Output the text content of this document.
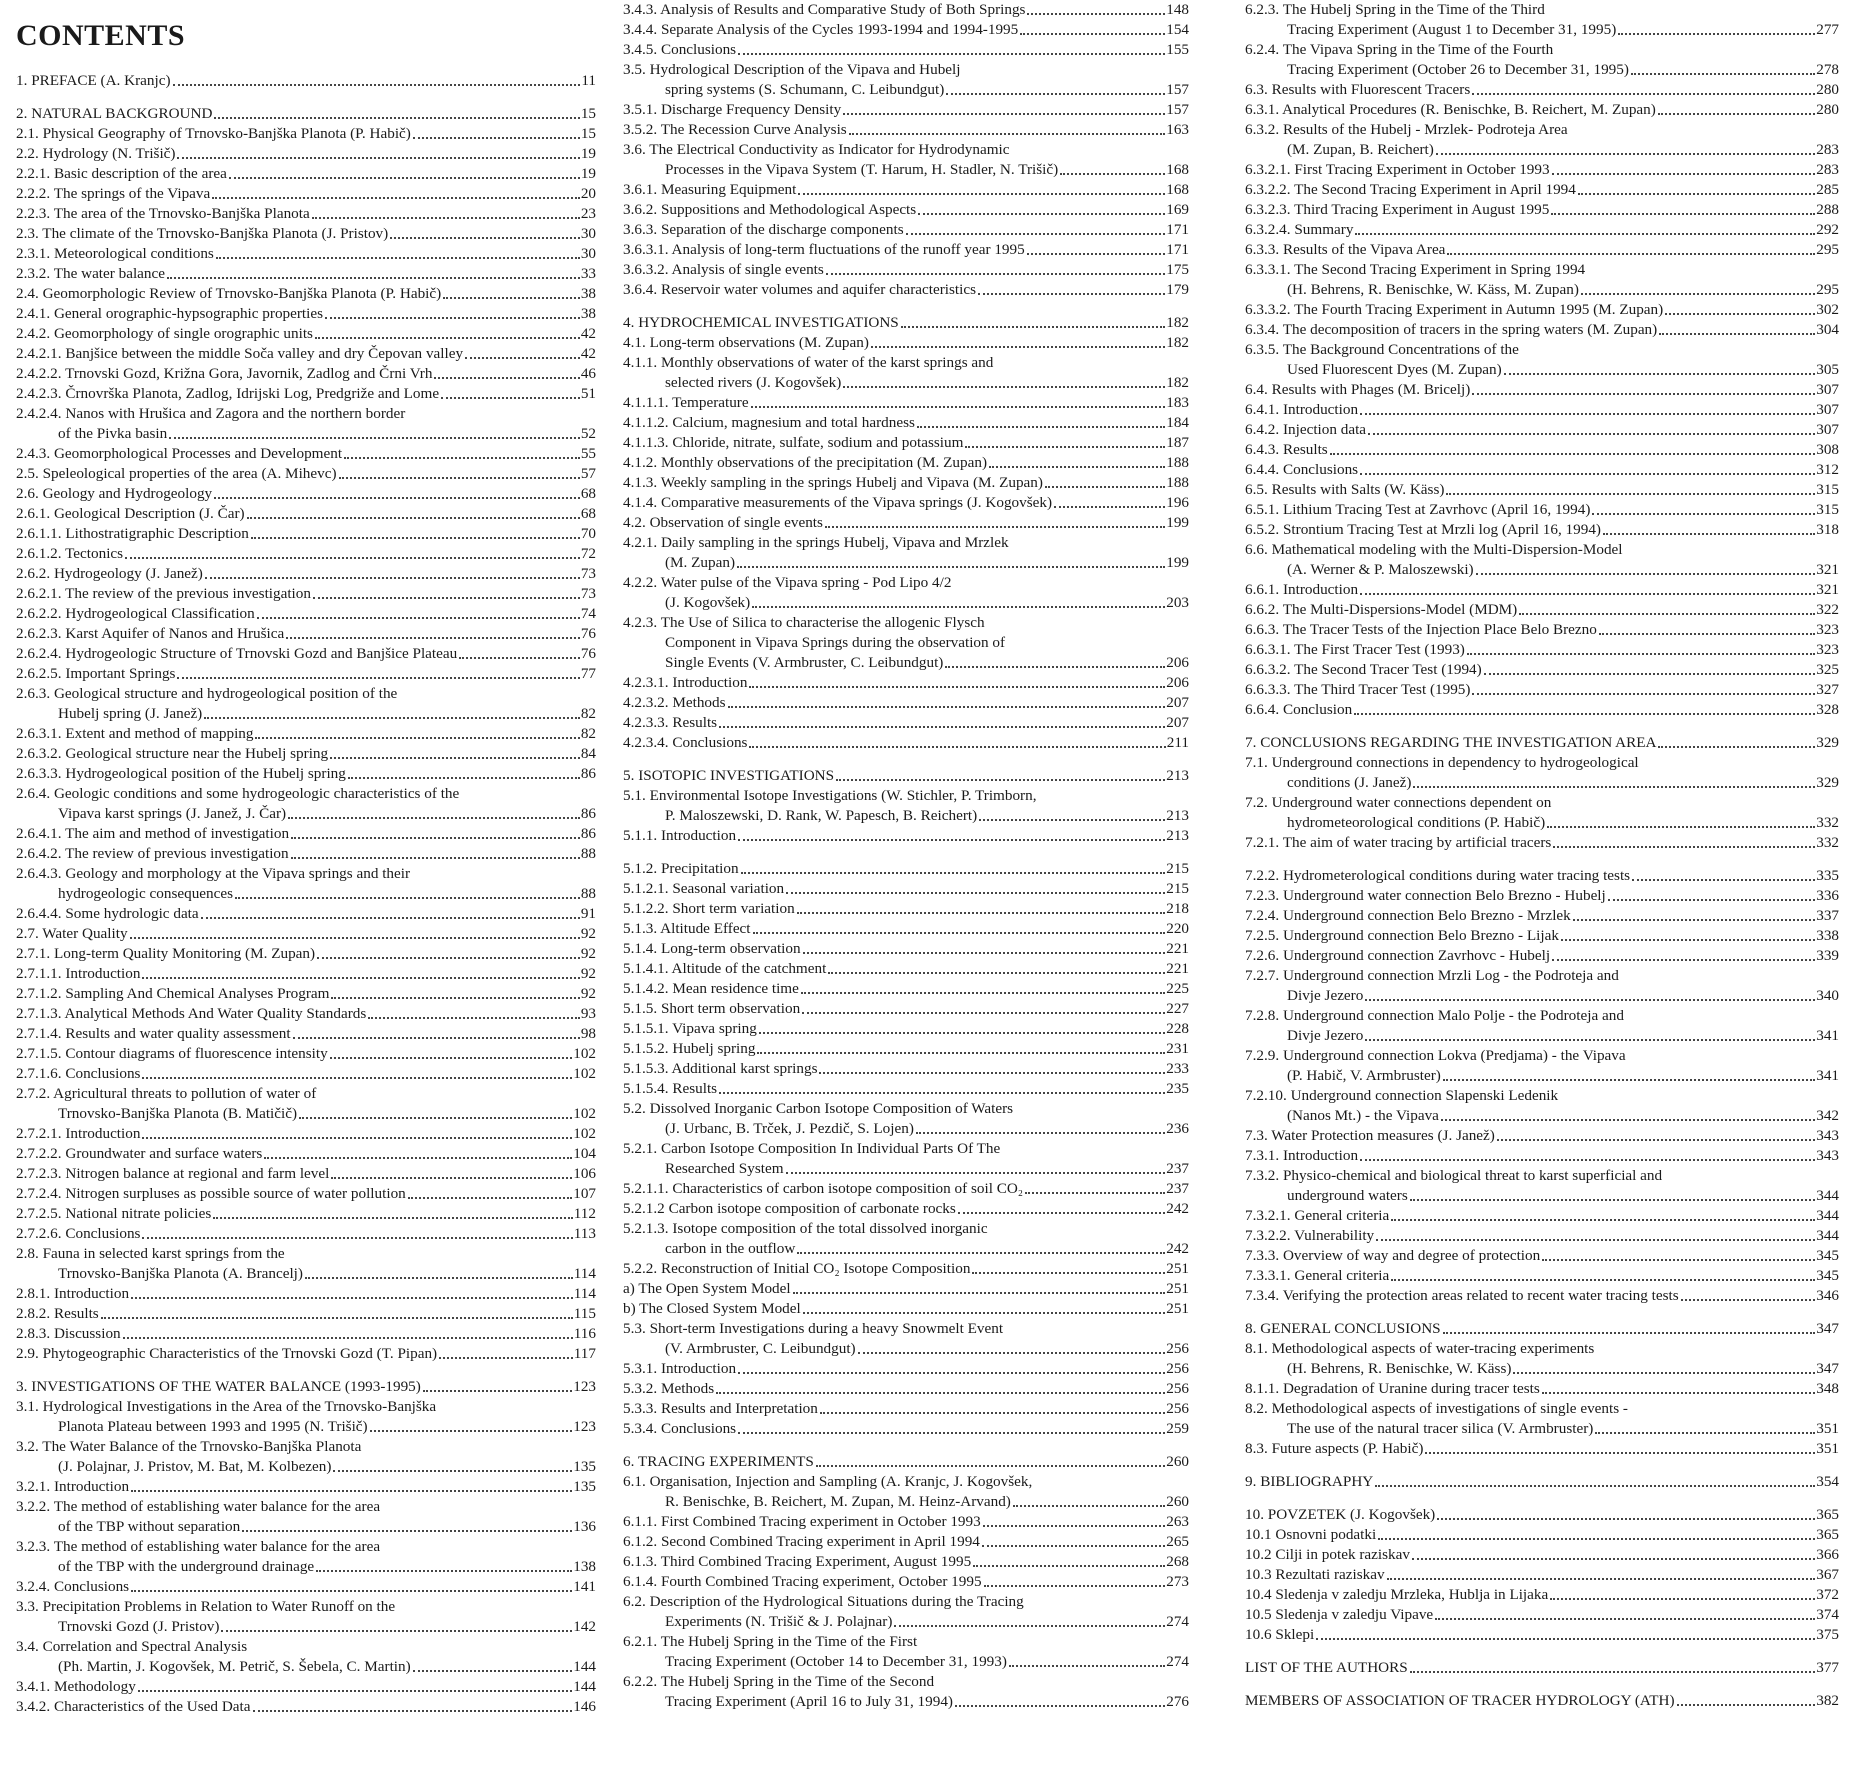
CONTENTS
1. PREFACE (A. Kranjc)	11
2. NATURAL BACKGROUND	15
2.1. Physical Geography of Trnovsko-Banjška Planota (P. Habič)	15
2.2. Hydrology (N. Trišič)	19
2.2.1. Basic description of the area	19
2.2.2. The springs of the Vipava	20
2.2.3. The area of the Trnovsko-Banjška Planota	23
2.3. The climate of the Trnovsko-Banjška Planota (J. Pristov)	30
2.3.1. Meteorological conditions	30
2.3.2. The water balance	33
2.4. Geomorphologic Review of Trnovsko-Banjška Planota (P. Habič)	38
2.4.1. General orographic-hypsographic properties	38
2.4.2. Geomorphology of single orographic units	42
2.4.2.1. Banjšice between the middle Soča valley and dry Čepovan valley	42
2.4.2.2. Trnovski Gozd, Križna Gora, Javornik, Zadlog and Črni Vrh	46
2.4.2.3. Črnovrška Planota, Zadlog, Idrijski Log, Predgriže and Lome	51
2.4.2.4. Nanos with Hrušica and Zagora and the northern border
of the Pivka basin	52
2.4.3. Geomorphological Processes and Development	55
2.5. Speleological properties of the area (A. Mihevc)	57
2.6. Geology and Hydrogeology	68
2.6.1. Geological Description (J. Čar)	68
2.6.1.1. Lithostratigraphic Description	70
2.6.1.2. Tectonics	72
2.6.2. Hydrogeology (J. Janež)	73
2.6.2.1. The review of the previous investigation	73
2.6.2.2. Hydrogeological Classification	74
2.6.2.3. Karst Aquifer of Nanos and Hrušica	76
2.6.2.4. Hydrogeologic Structure of Trnovski Gozd and Banjšice Plateau	76
2.6.2.5. Important Springs	77
2.6.3. Geological structure and hydrogeological position of the
Hubelj spring (J. Janež)	82
2.6.3.1. Extent and method of mapping	82
2.6.3.2. Geological structure near the Hubelj spring	84
2.6.3.3. Hydrogeological position of the Hubelj spring	86
2.6.4. Geologic conditions and some hydrogeologic characteristics of the
Vipava karst springs (J. Janež, J. Čar)	86
2.6.4.1. The aim and method of investigation	86
2.6.4.2. The review of previous investigation	88
2.6.4.3. Geology and morphology at the Vipava springs and their
hydrogeologic consequences	88
2.6.4.4. Some hydrologic data	91
2.7. Water Quality	92
2.7.1. Long-term Quality Monitoring (M. Zupan)	92
2.7.1.1. Introduction	92
2.7.1.2. Sampling And Chemical Analyses Program	92
2.7.1.3. Analytical Methods And Water Quality Standards	93
2.7.1.4. Results and water quality assessment	98
2.7.1.5. Contour diagrams of fluorescence intensity	102
2.7.1.6. Conclusions	102
2.7.2. Agricultural threats to pollution of water of
Trnovsko-Banjška Planota (B. Matičič)	102
2.7.2.1. Introduction	102
2.7.2.2. Groundwater and surface waters	104
2.7.2.3. Nitrogen balance at regional and farm level	106
2.7.2.4. Nitrogen surpluses as possible source of water pollution	107
2.7.2.5. National nitrate policies	112
2.7.2.6. Conclusions	113
2.8. Fauna in selected karst springs from the
Trnovsko-Banjška Planota (A. Brancelj)	114
2.8.1. Introduction	114
2.8.2. Results	115
2.8.3. Discussion	116
2.9. Phytogeographic Characteristics of the Trnovski Gozd (T. Pipan)	117
3. INVESTIGATIONS OF THE WATER BALANCE (1993-1995)	123
3.1. Hydrological Investigations in the Area of the Trnovsko-Banjška
Planota Plateau between 1993 and 1995 (N. Trišič)	123
3.2. The Water Balance of the Trnovsko-Banjška Planota
(J. Polajnar, J. Pristov, M. Bat, M. Kolbezen)	135
3.2.1. Introduction	135
3.2.2. The method of establishing water balance for the area
of the TBP without separation	136
3.2.3. The method of establishing water balance for the area
of the TBP with the underground drainage	138
3.2.4. Conclusions	141
3.3. Precipitation Problems in Relation to Water Runoff on the
Trnovski Gozd (J. Pristov)	142
3.4. Correlation and Spectral Analysis
(Ph. Martin, J. Kogovšek, M. Petrič, S. Šebela, C. Martin)	144
3.4.1. Methodology	144
3.4.2. Characteristics of the Used Data	146
3.4.3. Analysis of Results and Comparative Study of Both Springs	148
3.4.4. Separate Analysis of the Cycles 1993-1994 and 1994-1995	154
3.4.5. Conclusions	155
3.5. Hydrological Description of the Vipava and Hubelj
spring systems (S. Schumann, C. Leibundgut)	157
3.5.1. Discharge Frequency Density	157
3.5.2. The Recession Curve Analysis	163
3.6. The Electrical Conductivity as Indicator for Hydrodynamic
Processes in the Vipava System (T. Harum, H. Stadler, N. Trišič)	168
3.6.1. Measuring Equipment	168
3.6.2. Suppositions and Methodological Aspects	169
3.6.3. Separation of the discharge components	171
3.6.3.1. Analysis of long-term fluctuations of the runoff year 1995	171
3.6.3.2. Analysis of single events	175
3.6.4. Reservoir water volumes and aquifer characteristics	179
4. HYDROCHEMICAL INVESTIGATIONS	182
4.1. Long-term observations (M. Zupan)	182
4.1.1. Monthly observations of water of the karst springs and
selected rivers (J. Kogovšek)	182
4.1.1.1. Temperature	183
4.1.1.2. Calcium, magnesium and total hardness	184
4.1.1.3. Chloride, nitrate, sulfate, sodium and potassium	187
4.1.2. Monthly observations of the precipitation (M. Zupan)	188
4.1.3. Weekly sampling in the springs Hubelj and Vipava (M. Zupan)	188
4.1.4. Comparative measurements of the Vipava springs (J. Kogovšek)	196
4.2. Observation of single events	199
4.2.1. Daily sampling in the springs Hubelj, Vipava and Mrzlek
(M. Zupan)	199
4.2.2. Water pulse of the Vipava spring - Pod Lipo 4/2
(J. Kogovšek)	203
4.2.3. The Use of Silica to characterise the allogenic Flysch
Component in Vipava Springs during the observation of
Single Events (V. Armbruster, C. Leibundgut)	206
4.2.3.1. Introduction	206
4.2.3.2. Methods	207
4.2.3.3. Results	207
4.2.3.4. Conclusions	211
5. ISOTOPIC INVESTIGATIONS	213
5.1. Environmental Isotope Investigations (W. Stichler, P. Trimborn,
P. Maloszewski, D. Rank, W. Papesch, B. Reichert)	213
5.1.1. Introduction	213
5.1.2. Precipitation	215
5.1.2.1. Seasonal variation	215
5.1.2.2. Short term variation	218
5.1.3. Altitude Effect	220
5.1.4. Long-term observation	221
5.1.4.1. Altitude of the catchment	221
5.1.4.2. Mean residence time	225
5.1.5. Short term observation	227
5.1.5.1. Vipava spring	228
5.1.5.2. Hubelj spring	231
5.1.5.3. Additional karst springs	233
5.1.5.4. Results	235
5.2. Dissolved Inorganic Carbon Isotope Composition of Waters
(J. Urbanc, B. Trček, J. Pezdič, S. Lojen)	236
5.2.1. Carbon Isotope Composition In Individual Parts Of The
Researched System	237
5.2.1.1. Characteristics of carbon isotope composition of soil CO₂	237
5.2.1.2 Carbon isotope composition of carbonate rocks	242
5.2.1.3. Isotope composition of the total dissolved inorganic
carbon in the outflow	242
5.2.2. Reconstruction of Initial CO₂ Isotope Composition	251
a) The Open System Model	251
b) The Closed System Model	251
5.3. Short-term Investigations during a heavy Snowmelt Event
(V. Armbruster, C. Leibundgut)	256
5.3.1. Introduction	256
5.3.2. Methods	256
5.3.3. Results and Interpretation	256
5.3.4. Conclusions	259
6. TRACING EXPERIMENTS	260
6.1. Organisation, Injection and Sampling (A. Kranjc, J. Kogovšek,
R. Benischke, B. Reichert, M. Zupan, M. Heinz-Arvand)	260
6.1.1. First Combined Tracing experiment in October 1993	263
6.1.2. Second Combined Tracing experiment in April 1994	265
6.1.3. Third Combined Tracing Experiment, August 1995	268
6.1.4. Fourth Combined Tracing experiment, October 1995	273
6.2. Description of the Hydrological Situations during the Tracing
Experiments (N. Trišič & J. Polajnar)	274
6.2.1. The Hubelj Spring in the Time of the First
Tracing Experiment (October 14 to December 31, 1993)	274
6.2.2. The Hubelj Spring in the Time of the Second
Tracing Experiment (April 16 to July 31, 1994)	276
6.2.3. The Hubelj Spring in the Time of the Third
Tracing Experiment (August 1 to December 31, 1995)	277
6.2.4. The Vipava Spring in the Time of the Fourth
Tracing Experiment (October 26 to December 31, 1995)	278
6.3. Results with Fluorescent Tracers	280
6.3.1. Analytical Procedures (R. Benischke, B. Reichert, M. Zupan)	280
6.3.2. Results of the Hubelj - Mrzlek- Podroteja Area
(M. Zupan, B. Reichert)	283
6.3.2.1. First Tracing Experiment in October 1993	283
6.3.2.2. The Second Tracing Experiment in April 1994	285
6.3.2.3. Third Tracing Experiment in August 1995	288
6.3.2.4. Summary	292
6.3.3. Results of the Vipava Area	295
6.3.3.1. The Second Tracing Experiment in Spring 1994
(H. Behrens, R. Benischke, W. Käss, M. Zupan)	295
6.3.3.2. The Fourth Tracing Experiment in Autumn 1995 (M. Zupan)	302
6.3.4. The decomposition of tracers in the spring waters (M. Zupan)	304
6.3.5. The Background Concentrations of the
Used Fluorescent Dyes (M. Zupan)	305
6.4. Results with Phages (M. Bricelj)	307
6.4.1. Introduction	307
6.4.2. Injection data	307
6.4.3. Results	308
6.4.4. Conclusions	312
6.5. Results with Salts (W. Käss)	315
6.5.1. Lithium Tracing Test at Zavrhovc (April 16, 1994)	315
6.5.2. Strontium Tracing Test at Mrzli log (April 16, 1994)	318
6.6. Mathematical modeling with the Multi-Dispersion-Model
(A. Werner & P. Maloszewski)	321
6.6.1. Introduction	321
6.6.2. The Multi-Dispersions-Model (MDM)	322
6.6.3. The Tracer Tests of the Injection Place Belo Brezno	323
6.6.3.1. The First Tracer Test (1993)	323
6.6.3.2. The Second Tracer Test (1994)	325
6.6.3.3. The Third Tracer Test (1995)	327
6.6.4. Conclusion	328
7. CONCLUSIONS REGARDING THE INVESTIGATION AREA	329
7.1. Underground connections in dependency to hydrogeological
conditions (J. Janež)	329
7.2. Underground water connections dependent on
hydrometeorological conditions (P. Habič)	332
7.2.1. The aim of water tracing by artificial tracers	332
7.2.2. Hydrometerological conditions during water tracing tests	335
7.2.3. Underground water connection Belo Brezno - Hubelj	336
7.2.4. Underground connection Belo Brezno - Mrzlek	337
7.2.5. Underground connection Belo Brezno - Lijak	338
7.2.6. Underground connection Zavrhovc - Hubelj	339
7.2.7. Underground connection Mrzli Log - the Podroteja and
Divje Jezero	340
7.2.8. Underground connection Malo Polje - the Podroteja and
Divje Jezero	341
7.2.9. Underground connection Lokva (Predjama) - the Vipava
(P. Habič, V. Armbruster)	341
7.2.10. Underground connection Slapenski Ledenik
(Nanos Mt.) - the Vipava	342
7.3. Water Protection measures (J. Janež)	343
7.3.1. Introduction	343
7.3.2. Physico-chemical and biological threat to karst superficial and
underground waters	344
7.3.2.1. General criteria	344
7.3.2.2. Vulnerability	344
7.3.3. Overview of way and degree of protection	345
7.3.3.1. General criteria	345
7.3.4. Verifying the protection areas related to recent water tracing tests	346
8. GENERAL CONCLUSIONS	347
8.1. Methodological aspects of water-tracing experiments
(H. Behrens, R. Benischke, W. Käss)	347
8.1.1. Degradation of Uranine during tracer tests	348
8.2. Methodological aspects of investigations of single events -
The use of the natural tracer silica (V. Armbruster)	351
8.3. Future aspects (P. Habič)	351
9. BIBLIOGRAPHY	354
10. POVZETEK (J. Kogovšek)	365
10.1 Osnovni podatki	365
10.2 Cilji in potek raziskav	366
10.3 Rezultati raziskav	367
10.4 Sledenja v zaledju Mrzleka, Hublja in Lijaka	372
10.5 Sledenja v zaledju Vipave	374
10.6 Sklepi	375
LIST OF THE AUTHORS	377
MEMBERS OF ASSOCIATION OF TRACER HYDROLOGY (ATH)	382
